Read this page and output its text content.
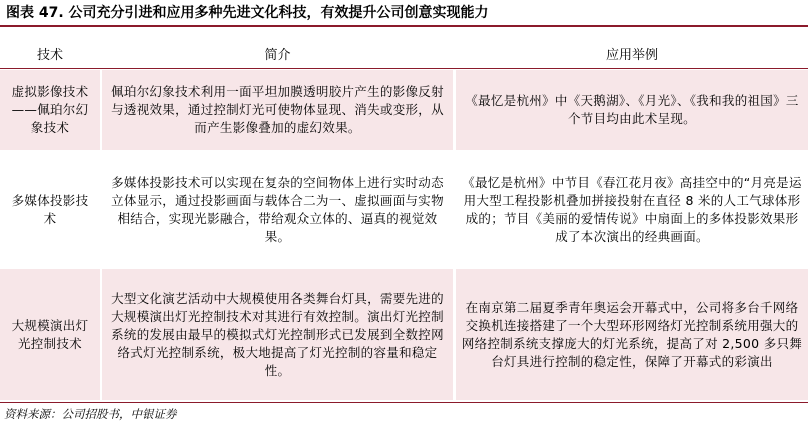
图表 47. 公司充分引进和应用多种先进文化科技，有效提升公司创意实现能力
技术	简介	应用举例
虚拟影像技术——佩珀尔幻象技术
佩珀尔幻象技术利用一面平坦加膜透明胶片产生的影像反射与透视效果，通过控制灯光可使物体显现、消失或变形，从而产生影像叠加的虚幻效果。
《最忆是杭州》中《天鹅湖》、《月光》、《我和我的祖国》三个节目均由此术呈现。
多媒体投影技术
多媒体投影技术可以实现在复杂的空间物体上进行实时动态立体显示，通过投影画面与载体合二为一、虚拟画面与实物相结合，实现光影融合，带给观众立体的、逼真的视觉效果。
《最忆是杭州》中节目《春江花月夜》高挂空中的“月亮是运用大型工程投影机叠加拼接投射在直径 8 米的人工气球体形成的；节目《美丽的爱情传说》中扇面上的多体投影效果形成了本次演出的经典画面。
大规模演出灯光控制技术
大型文化演艺活动中大规模使用各类舞台灯具，需要先进的大规模演出灯光控制技术对其进行有效控制。演出灯光控制系统的发展由最早的模拟式灯光控制形式已发展到全数控网络式灯光控制系统，极大地提高了灯光控制的容量和稳定性。
在南京第二届夏季青年奥运会开幕式中，公司将多台千网络交换机连接搭建了一个大型环形网络灯光控制系统用强大的网络控制系统支撑庞大的灯光系统，提高了对 2,500 多只舞台灯具进行控制的稳定性，保障了开幕式的彩演出
资料来源：公司招股书，中银证券
